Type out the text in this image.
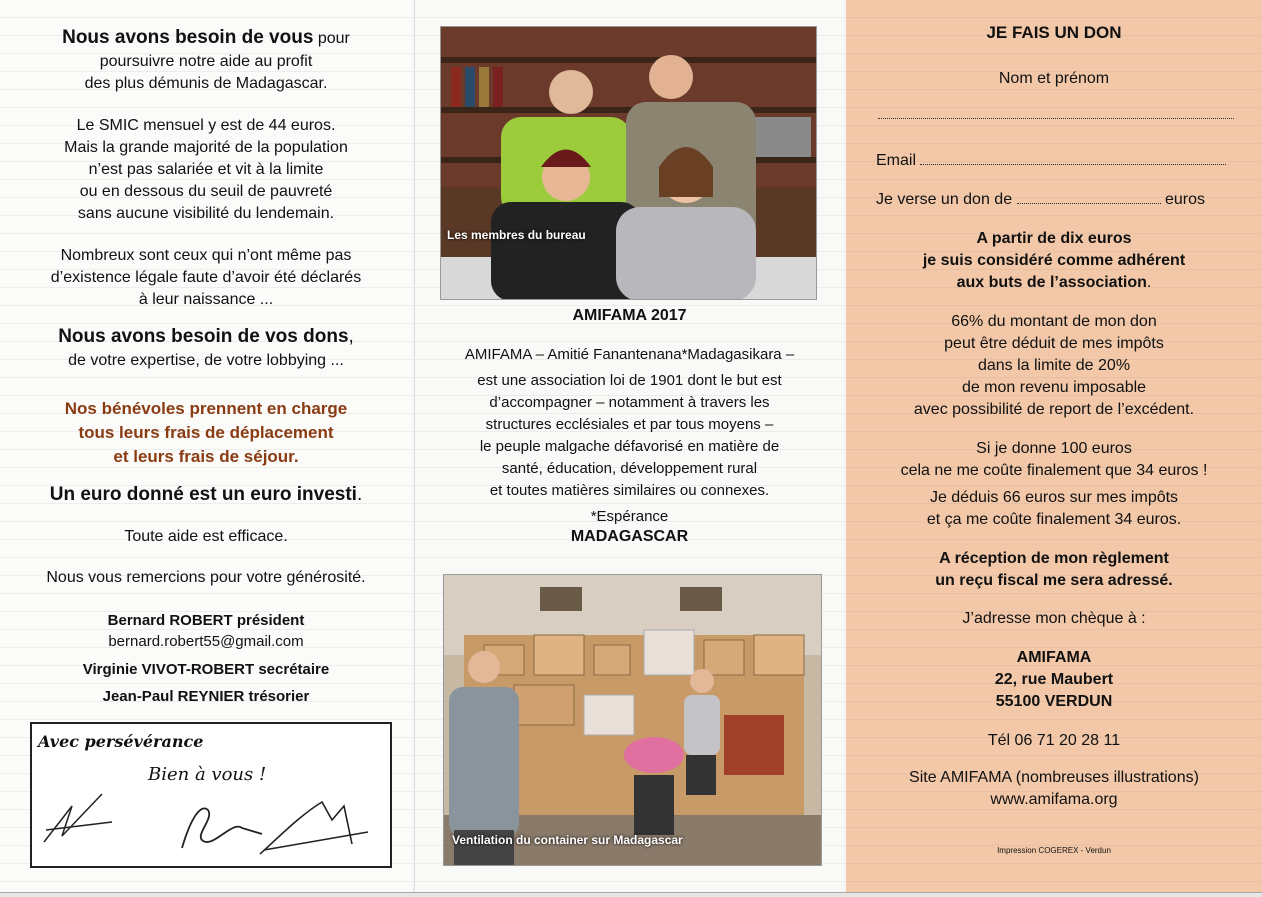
Nous avons besoin de vous pour
poursuivre notre aide au profit
des plus démunis de Madagascar.
Le SMIC mensuel y est de 44 euros.
Mais la grande majorité de la population
n’est pas salariée et vit à la limite
ou en dessous du seuil de pauvreté
sans aucune visibilité du lendemain.
Nombreux sont ceux qui n’ont même pas
d’existence légale faute d’avoir été déclarés
à leur naissance ...
Nous avons besoin de vos dons,
de votre expertise, de votre lobbying ...
Nos bénévoles prennent en charge
tous leurs frais de déplacement
et leurs frais de séjour.
Un euro donné est un euro investi.
Toute aide est efficace.
Nous vous remercions pour votre générosité.
Bernard ROBERT président
bernard.robert55@gmail.com
Virginie VIVOT-ROBERT secrétaire
Jean-Paul REYNIER trésorier
Avec persévérance
Bien à vous !
Les membres du bureau
AMIFAMA 2017
AMIFAMA – Amitié Fanantenana*Madagasikara –
est une association loi de 1901 dont le but est
d’accompagner – notamment à travers les
structures ecclésiales et par tous moyens –
le peuple malgache défavorisé en matière de
santé, éducation, développement rural
et toutes matières similaires ou connexes.
*Espérance
MADAGASCAR
Ventilation du container sur Madagascar
JE FAIS UN DON
Nom et prénom
Email
Je verse un don de	euros
A partir de dix euros
je suis considéré comme adhérent
aux buts de l’association.
66% du montant de mon don
peut être déduit de mes impôts
dans la limite de 20%
de mon revenu imposable
avec possibilité de report de l’excédent.
Si je donne 100 euros
cela ne me coûte finalement que 34 euros !
Je déduis 66 euros sur mes impôts
et ça me coûte finalement 34 euros.
A réception de mon règlement
un reçu fiscal me sera adressé.
J’adresse mon chèque à :
AMIFAMA
22, rue Maubert
55100 VERDUN
Tél 06 71 20 28 11
Site AMIFAMA (nombreuses illustrations)
www.amifama.org
Impression COGEREX - Verdun
